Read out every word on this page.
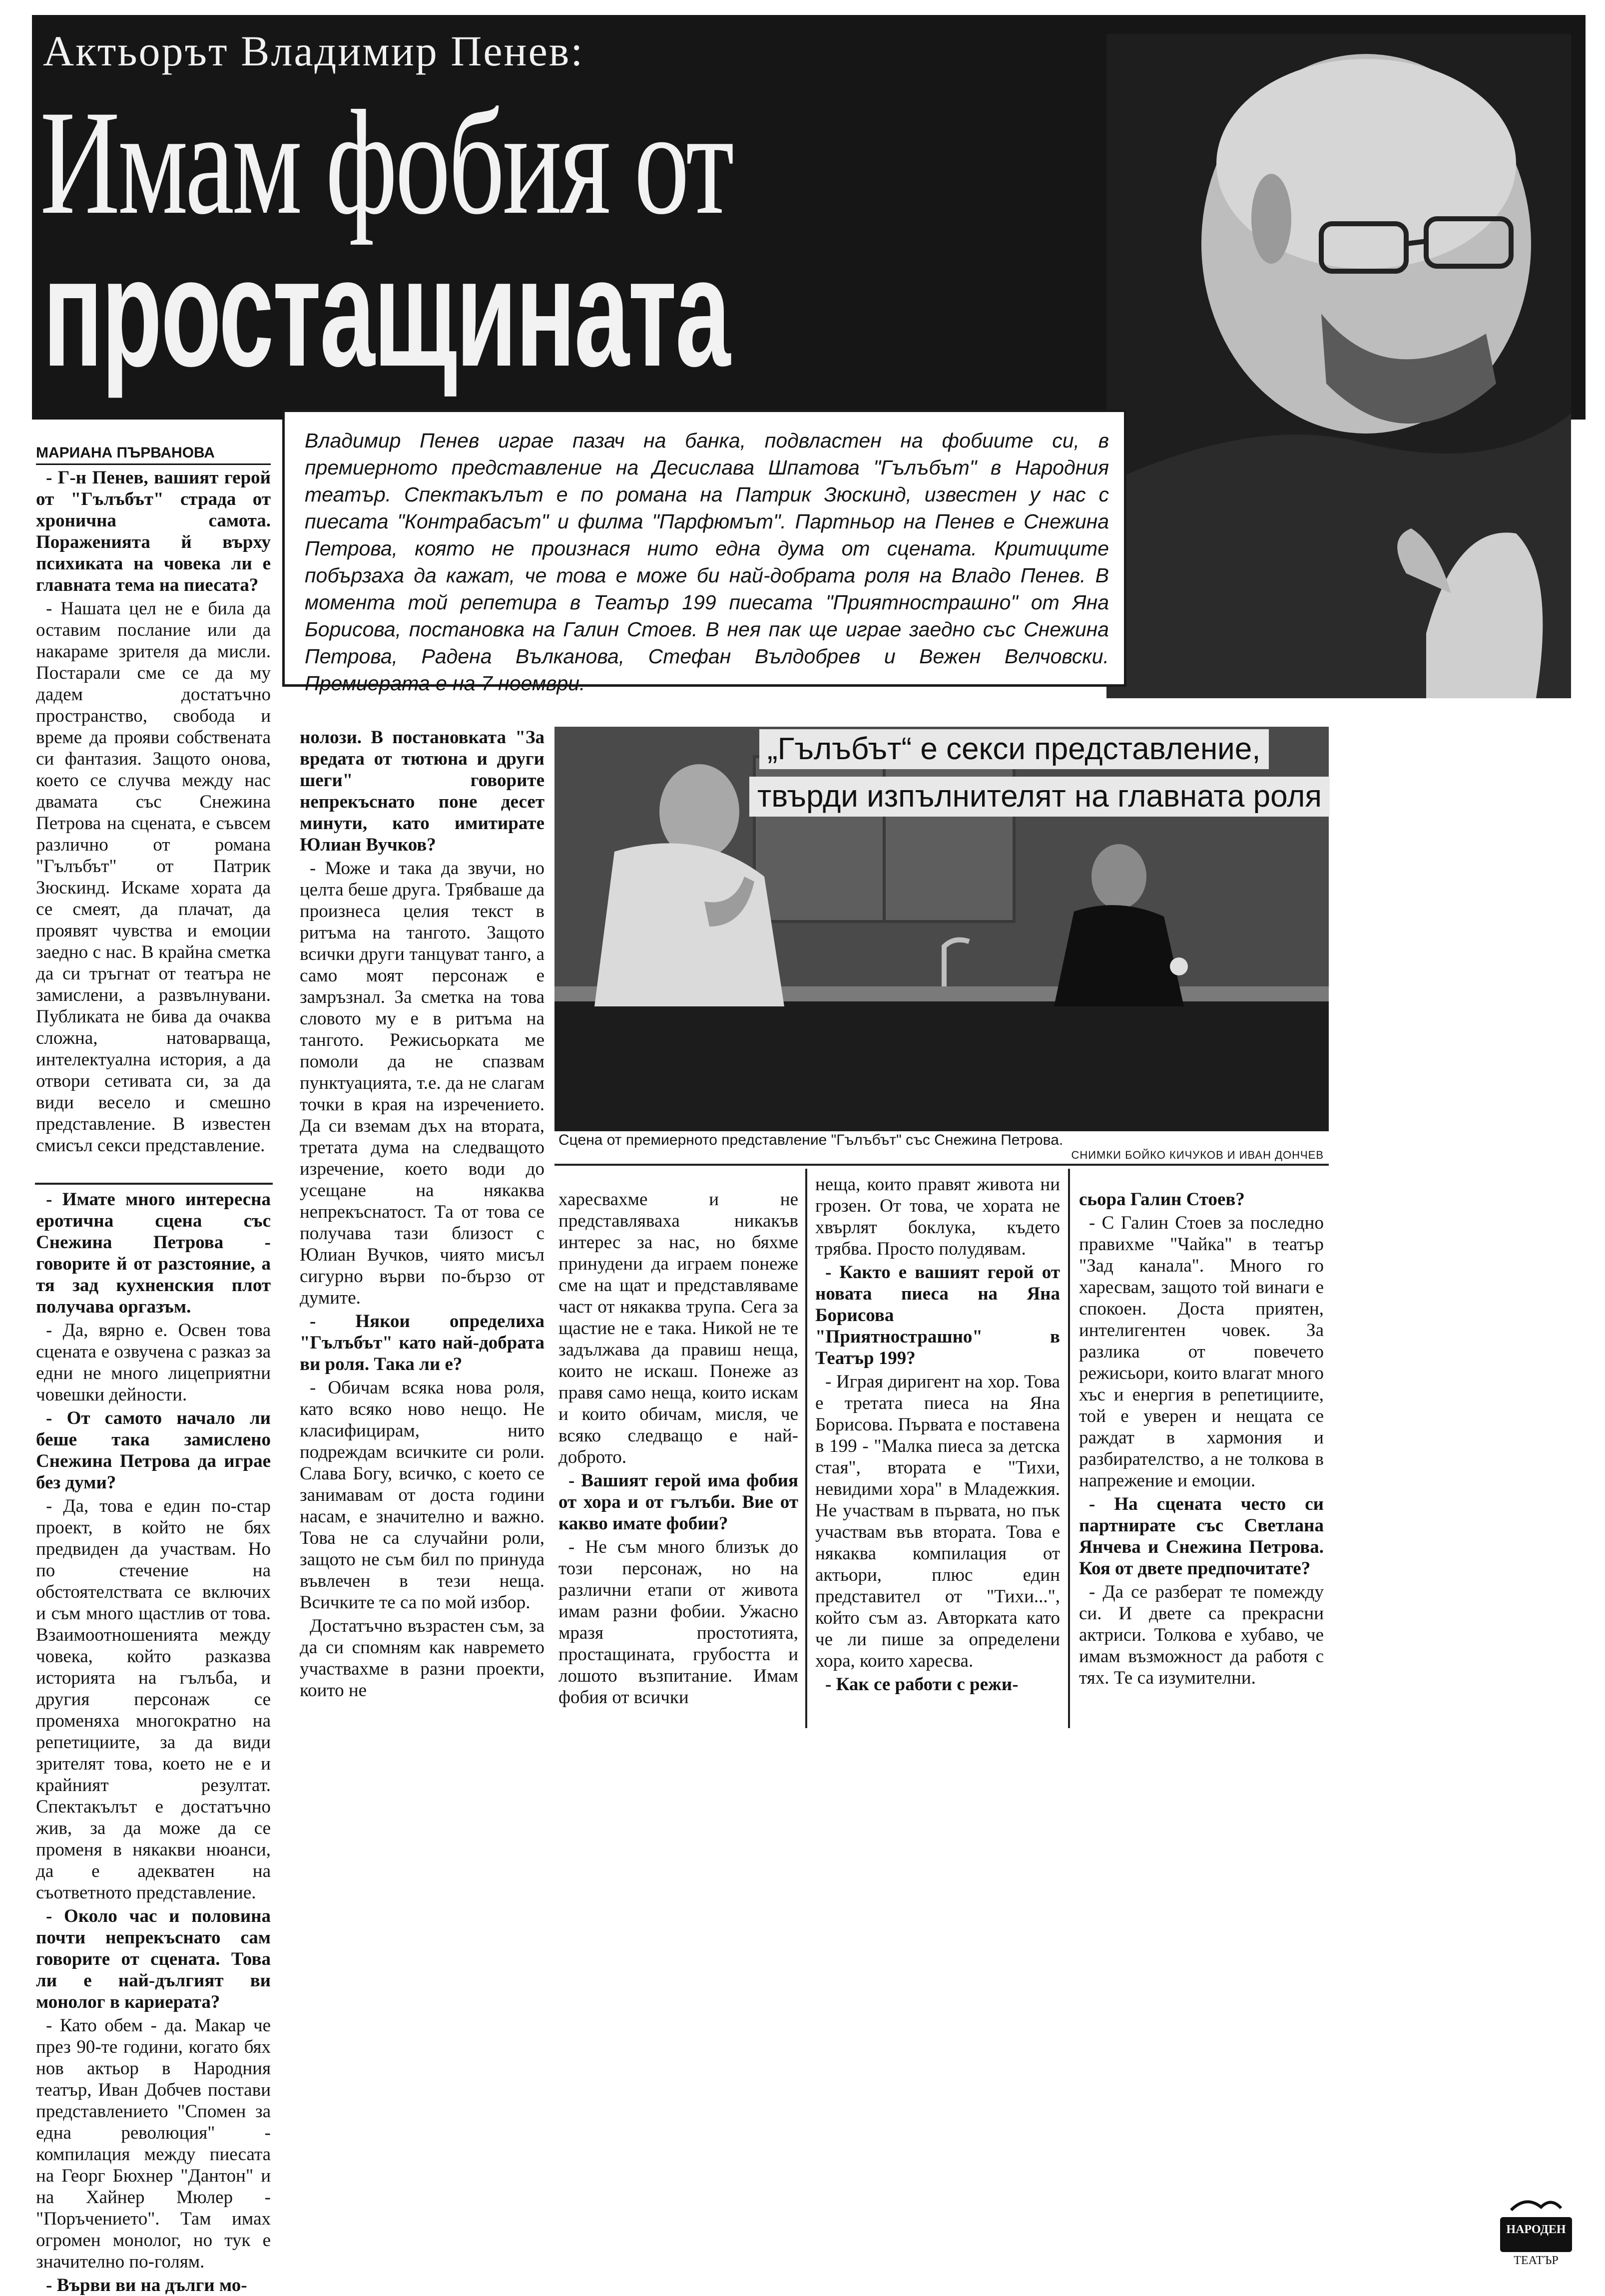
Актьорът Владимир Пенев:
Имам фобия от
простащината
МАРИАНА ПЪРВАНОВА
Владимир Пенев играе пазач на банка, подвластен на фобиите си, в премиерното представление на Десислава Шпатова "Гълъбът" в Народния театър. Спектакълът е по романа на Патрик Зюскинд, известен у нас с пиесата "Контрабасът" и филма "Парфюмът". Партньор на Пенев е Снежина Петрова, която не произнася нито една дума от сцената. Критиците побързаха да кажат, че това е може би най-добрата роля на Владо Пенев. В момента той репетира в Театър 199 пиесата "Приятнострашно" от Яна Борисова, постановка на Галин Стоев. В нея пак ще играе заедно със Снежина Петрова, Радена Вълканова, Стефан Вълдобрев и Вежен Велчовски. Премиерата е на 7 ноември.
„Гълъбът“ е секси представление,
твърди изпълнителят на главната роля
Сцена от премиерното представление "Гълъбът" със Снежина Петрова.
СНИМКИ БОЙКО КИЧУКОВ И ИВАН ДОНЧЕВ

- Г-н Пенев, вашият герой от "Гълъбът" страда от хронична самота. Пораженията й върху психиката на човека ли е главната тема на пиесата?

- Нашата цел не е била да оставим послание или да накараме зрителя да мисли. Постарали сме се да му дадем достатъчно пространство, свобода и време да прояви собствената си фантазия. Защото онова, което се случва между нас двамата със Снежина Петрова на сцената, е съвсем различно от романа "Гълъбът" от Патрик Зюскинд. Искаме хората да се смеят, да плачат, да проявят чувства и емоции заедно с нас. В крайна сметка да си тръгнат от театъра не замислени, а развълнувани. Публиката не бива да очаква сложна, натоварваща, интелектуална история, а да отвори сетивата си, за да види весело и смешно представление. В известен смисъл секси представление.

- Имате много интересна еротична сцена със Снежина Петрова - говорите й от разстояние, а тя зад кухненския плот получава оргазъм.

- Да, вярно е. Освен това сцената е озвучена с разказ за едни не много лицеприятни човешки дейности.

- От самото начало ли беше така замислено Снежина Петрова да играе без думи?

- Да, това е един по-стар проект, в който не бях предвиден да участвам. Но по стечение на обстоятелствата се включих и съм много щастлив от това. Взаимоотношенията между човека, който разказва историята на гълъба, и другия персонаж се променяха многократно на репетициите, за да види зрителят това, което не е и крайният резултат. Спектакълът е достатъчно жив, за да може да се променя в някакви нюанси, да е адекватен на съответното представление.

- Около час и половина почти непрекъснато сам говорите от сцената. Това ли е най-дългият ви монолог в кариерата?

- Като обем - да. Макар че през 90-те години, когато бях нов актьор в Народния театър, Иван Добчев постави представлението "Спомен за една революция" - компилация между пиесата на Георг Бюхнер "Дантон" и на Хайнер Мюлер - "Поръчението". Там имах огромен монолог, но тук е значително по-голям.

- Върви ви на дълги мо-

нолози. В постановката "За вредата от тютюна и други шеги" говорите непрекъснато поне десет минути, като имитирате Юлиан Вучков?

- Може и така да звучи, но целта беше друга. Трябваше да произнеса целия текст в ритъма на тангото. Защото всички други танцуват танго, а само моят персонаж е замръзнал. За сметка на това словото му е в ритъма на тангото. Режисьорката ме помоли да не спазвам пунктуацията, т.е. да не слагам точки в края на изречението. Да си вземам дъх на втората, третата дума на следващото изречение, което води до усещане на някаква непрекъснатост. Та от това се получава тази близост с Юлиан Вучков, чиято мисъл сигурно върви по-бързо от думите.

- Някои определиха "Гълъбът" като най-добрата ви роля. Така ли е?

- Обичам всяка нова роля, като всяко ново нещо. Не класифицирам, нито подреждам всичките си роли. Слава Богу, всичко, с което се занимавам от доста години насам, е значително и важно. Това не са случайни роли, защото не съм бил по принуда въвлечен в тези неща. Всичките те са по мой избор.

Достатъчно възрастен съм, за да си спомням как навремето участвахме в разни проекти, които не

харесвахме и не представляваха никакъв интерес за нас, но бяхме принудени да играем понеже сме на щат и представляваме част от някаква трупа. Сега за щастие не е така. Никой не те задължава да правиш неща, които не искаш. Понеже аз правя само неща, които искам и които обичам, мисля, че всяко следващо е най-доброто.

- Вашият герой има фобия от хора и от гълъби. Вие от какво имате фобии?

- Не съм много близък до този персонаж, но на различни етапи от живота имам разни фобии. Ужасно мразя простотията, простащината, грубостта и лошото възпитание. Имам фобия от всички

неща, които правят живота ни грозен. От това, че хората не хвърлят боклука, където трябва. Просто полудявам.

- Както е вашият герой от новата пиеса на Яна Борисова "Приятнострашно" в Театър 199?

- Играя диригент на хор. Това е третата пиеса на Яна Борисова. Първата е поставена в 199 - "Малка пиеса за детска стая", втората е "Тихи, невидими хора" в Младежкия. Не участвам в първата, но пък участвам във втората. Това е някаква компилация от актьори, плюс един представител от "Тихи...", който съм аз. Авторката като че ли пише за определени хора, които харесва.

- Как се работи с режи-

сьора Галин Стоев?

- С Галин Стоев за последно правихме "Чайка" в театър "Зад канала". Много го харесвам, защото той винаги е спокоен. Доста приятен, интелигентен човек. За разлика от повечето режисьори, които влагат много хъс и енергия в репетициите, той е уверен и нещата се раждат в хармония и разбирателство, а не толкова в напрежение и емоции.

- На сцената често си партнирате със Светлана Янчева и Снежина Петрова. Коя от двете предпочитате?

- Да се разберат те помежду си. И двете са прекрасни актриси. Толкова е хубаво, че имам възможност да работя с тях. Те са изумителни.

НАРОДЕН
ТЕАТЪР
